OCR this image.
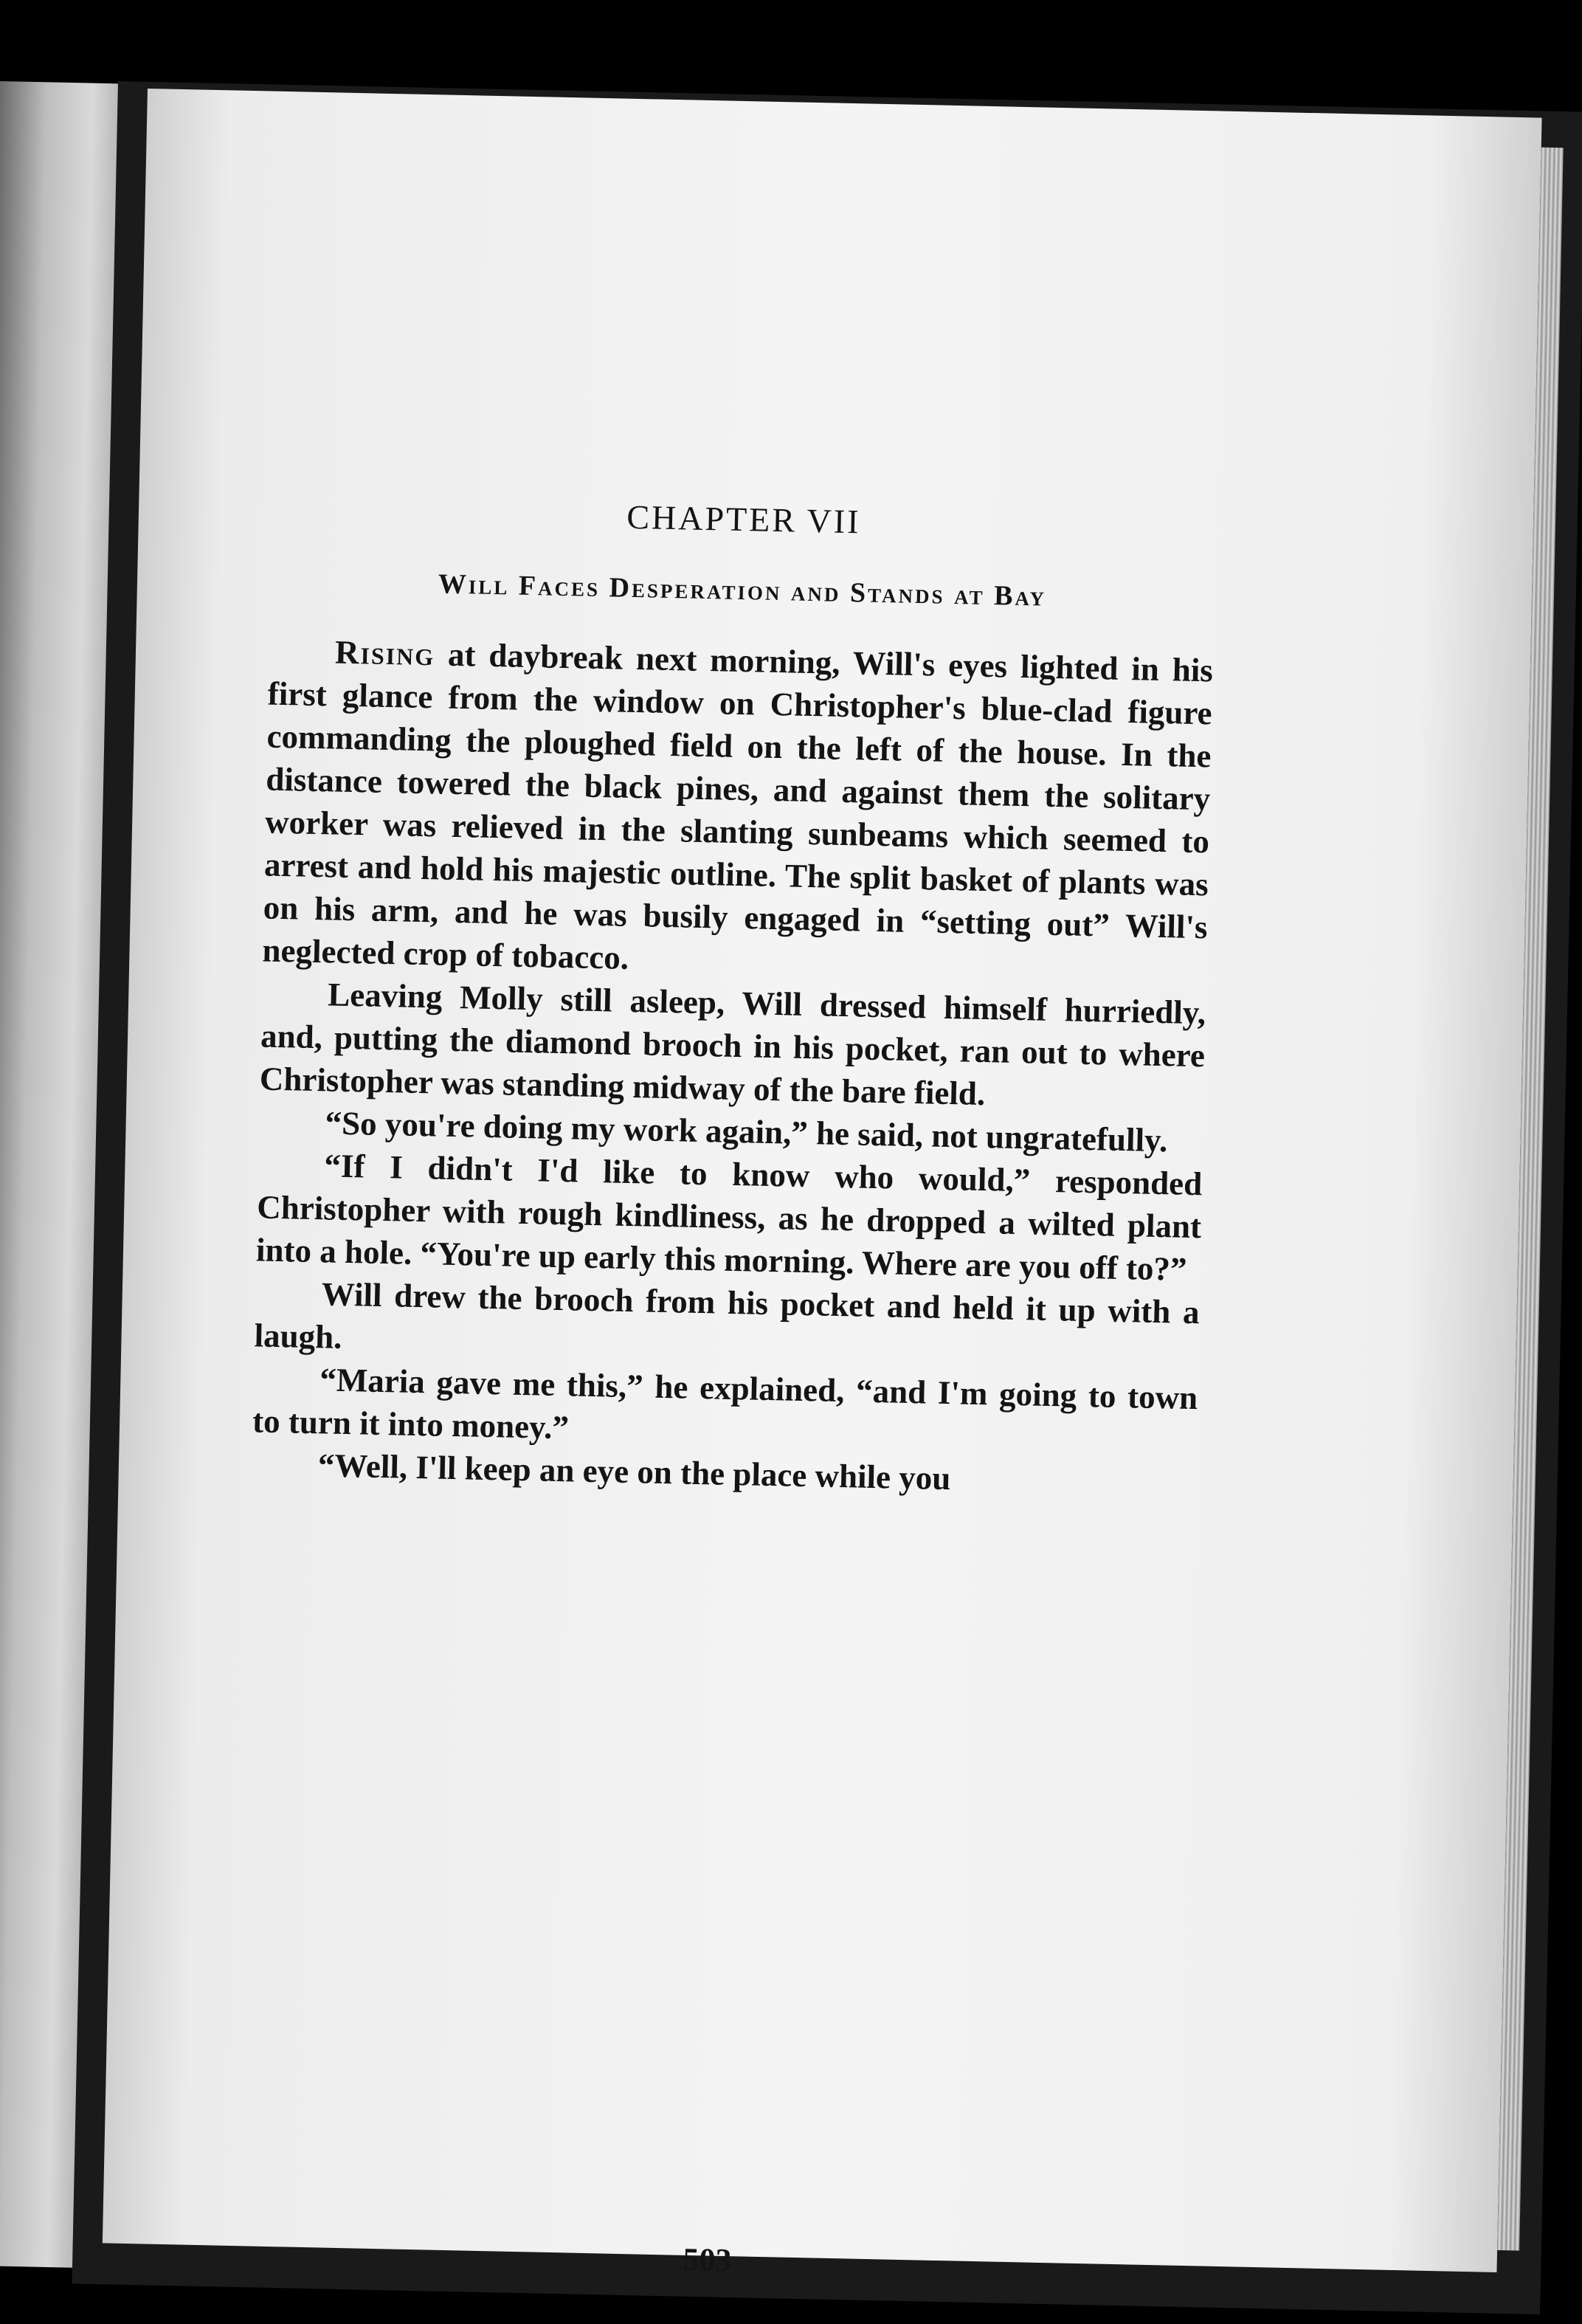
CHAPTER VII
Will Faces Desperation and Stands at Bay

Rising at daybreak next morning, Will's eyes lighted in his first glance from the window on Christopher's blue-clad figure commanding the ploughed field on the left of the house. In the distance towered the black pines, and against them the solitary worker was relieved in the slanting sunbeams which seemed to arrest and hold his majestic outline. The split basket of plants was on his arm, and he was busily engaged in “setting out” Will's neglected crop of tobacco.

Leaving Molly still asleep, Will dressed himself hurriedly, and, putting the diamond brooch in his pocket, ran out to where Christopher was standing midway of the bare field.

“So you're doing my work again,” he said, not ungratefully.

“If I didn't I'd like to know who would,” responded Christopher with rough kindliness, as he dropped a wilted plant into a hole. “You're up early this morning. Where are you off to?”

Will drew the brooch from his pocket and held it up with a laugh.

“Maria gave me this,” he explained, “and I'm going to town to turn it into money.”

“Well, I'll keep an eye on the place while you

503
